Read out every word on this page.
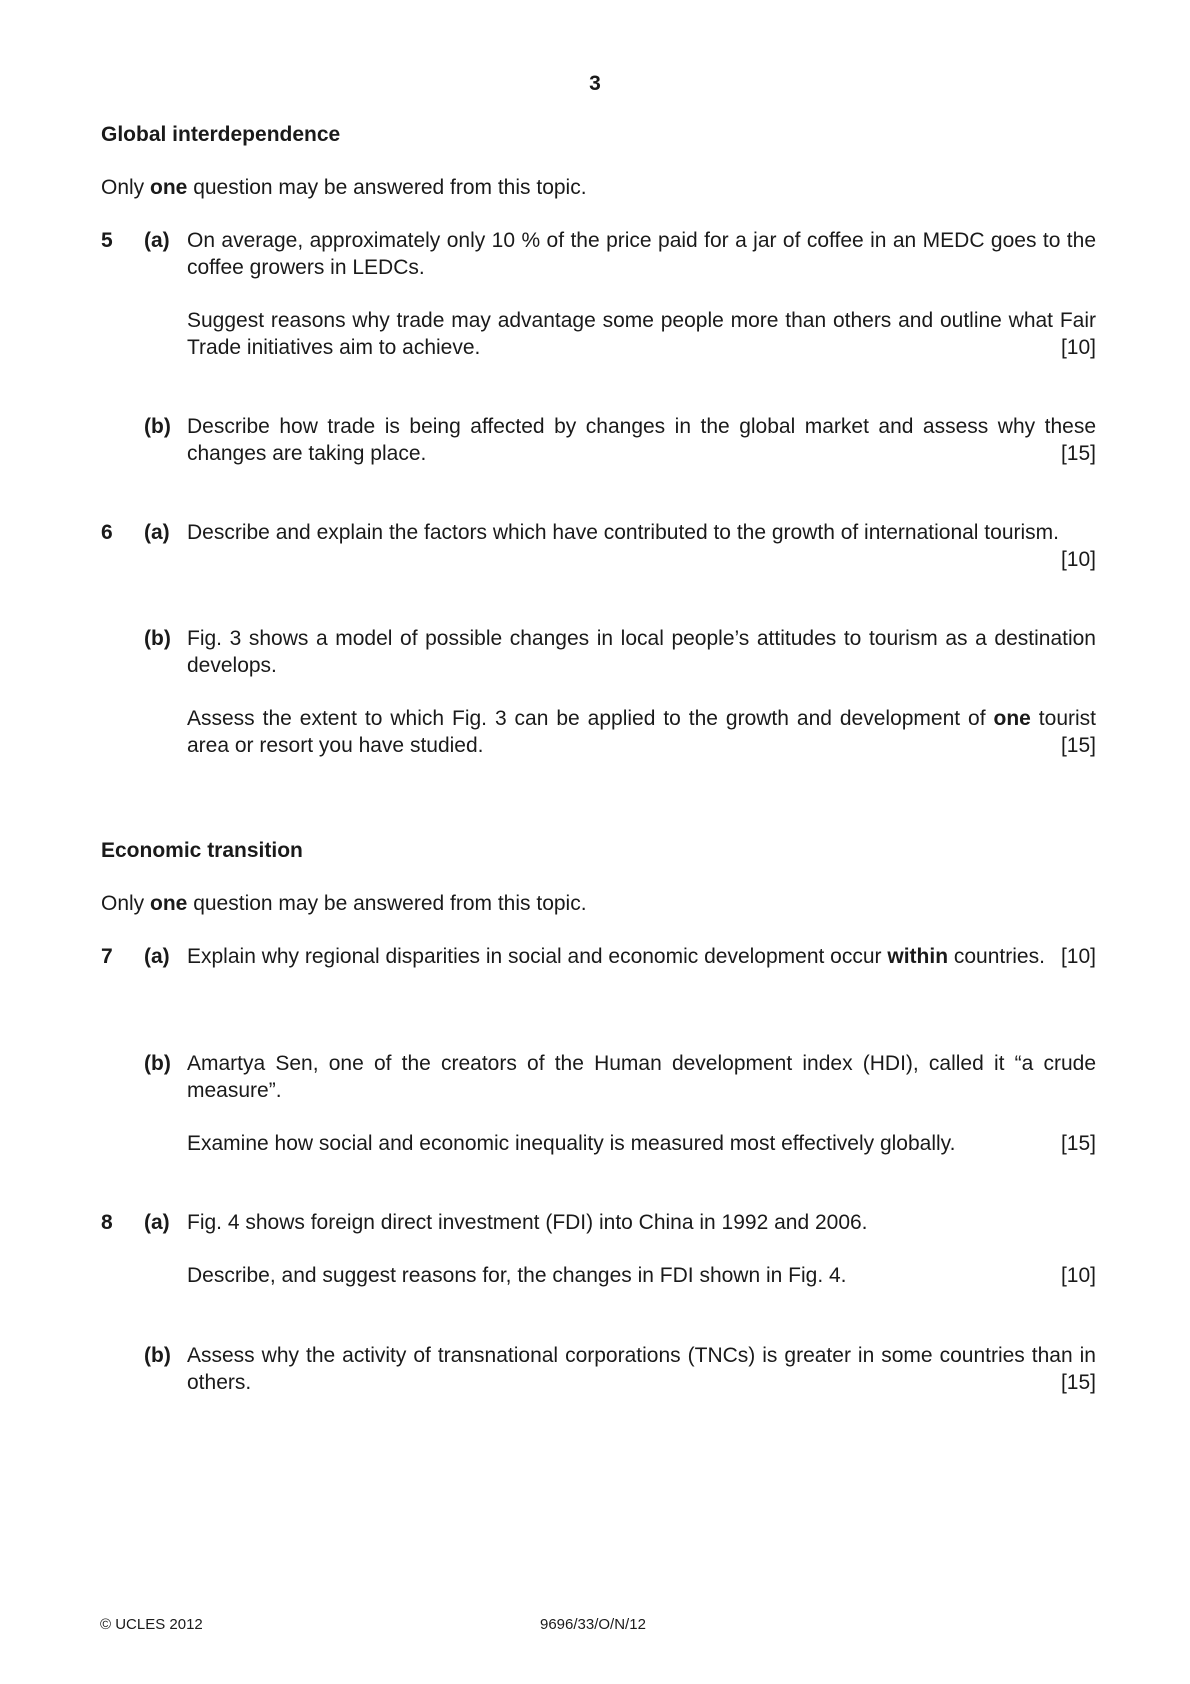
3
Global interdependence
Only one question may be answered from this topic.
5 (a) On average, approximately only 10 % of the price paid for a jar of coffee in an MEDC goes to the coffee growers in LEDCs.
Suggest reasons why trade may advantage some people more than others and outline what Fair Trade initiatives aim to achieve.	[10]
(b) Describe how trade is being affected by changes in the global market and assess why these changes are taking place.	[15]
6 (a) Describe and explain the factors which have contributed to the growth of international tourism.
[10]
(b) Fig. 3 shows a model of possible changes in local people’s attitudes to tourism as a destination develops.
Assess the extent to which Fig. 3 can be applied to the growth and development of one tourist area or resort you have studied.	[15]
Economic transition
Only one question may be answered from this topic.
7 (a) Explain why regional disparities in social and economic development occur within countries. [10]
(b) Amartya Sen, one of the creators of the Human development index (HDI), called it “a crude measure”.
Examine how social and economic inequality is measured most effectively globally.	[15]
8 (a) Fig. 4 shows foreign direct investment (FDI) into China in 1992 and 2006.
Describe, and suggest reasons for, the changes in FDI shown in Fig. 4.	[10]
(b) Assess why the activity of transnational corporations (TNCs) is greater in some countries than in others.	[15]
© UCLES 2012	9696/33/O/N/12
